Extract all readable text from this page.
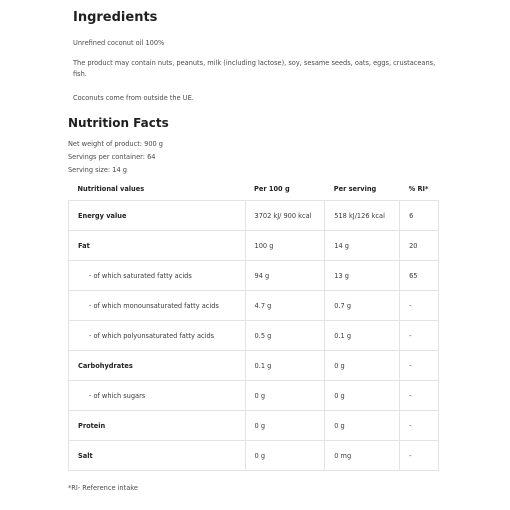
Ingredients

Unrefined coconut oil 100%

The product may contain nuts, peanuts, milk (including lactose), soy, sesame seeds, oats, eggs, crustaceans, fish.

Coconuts come from outside the UE.

Nutrition Facts

Net weight of product: 900 g

Servings per container: 64

Serving size: 14 g

Nutritional values	Per 100 g	Per serving	% RI*
Energy value	3702 kJ/ 900 kcal	518 kJ/126 kcal	6
Fat	100 g	14 g	20
- of which saturated fatty acids	94 g	13 g	65
- of which monounsaturated fatty acids	4.7 g	0.7 g	-
- of which polyunsaturated fatty acids	0.5 g	0.1 g	-
Carbohydrates	0.1 g	0 g	-
- of which sugars	0 g	0 g	-
Protein	0 g	0 g	-
Salt	0 g	0 mg	-

*RI- Reference intake
